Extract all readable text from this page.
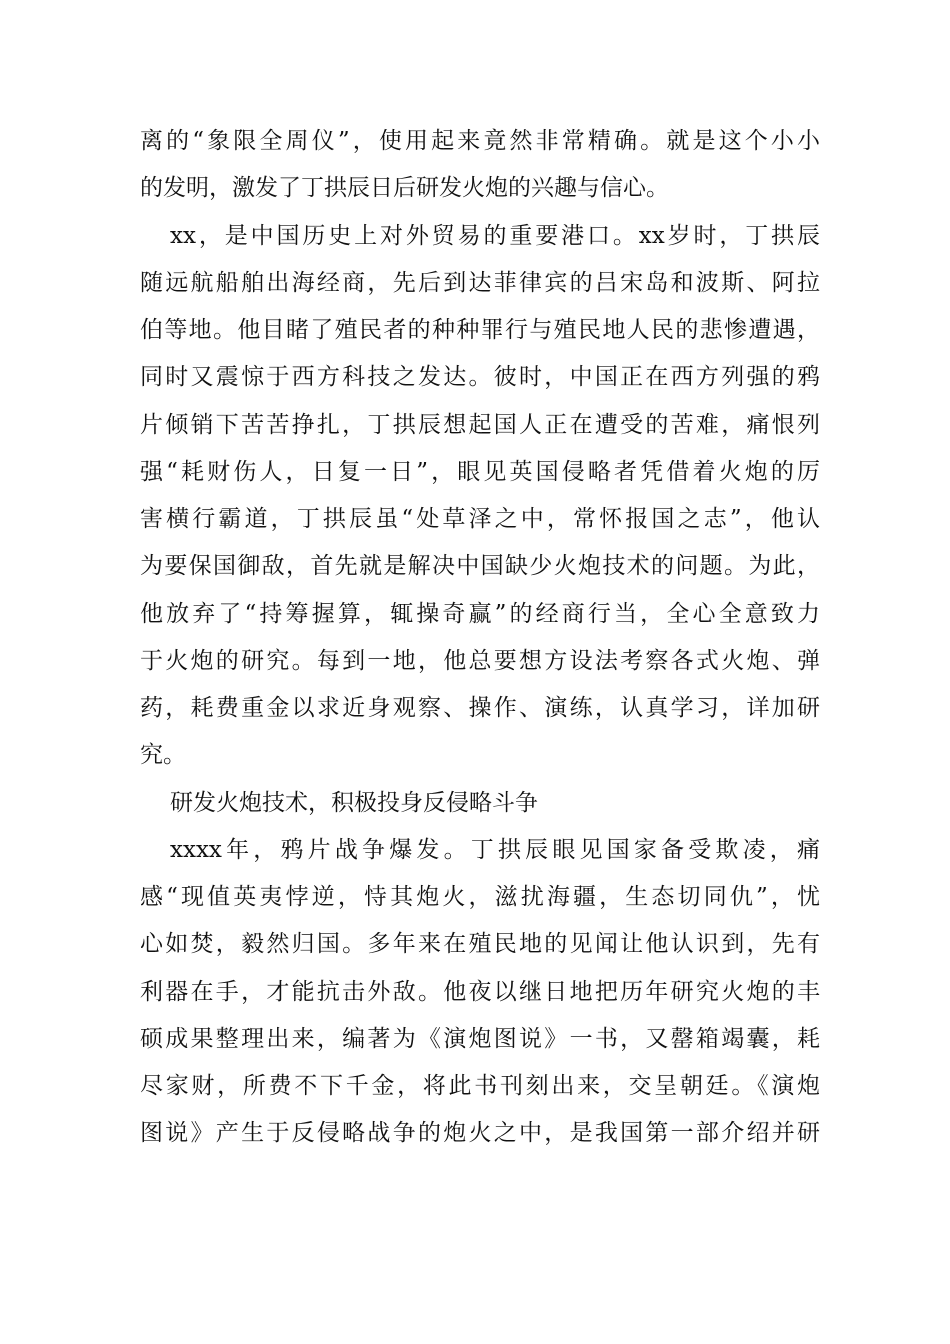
离的“象限全周仪”，使用起来竟然非常精确。就是这个小小
的发明，激发了丁拱辰日后研发火炮的兴趣与信心。
xx，是中国历史上对外贸易的重要港口。xx岁时，丁拱辰
随远航船舶出海经商，先后到达菲律宾的吕宋岛和波斯、阿拉
伯等地。他目睹了殖民者的种种罪行与殖民地人民的悲惨遭遇，
同时又震惊于西方科技之发达。彼时，中国正在西方列强的鸦
片倾销下苦苦挣扎，丁拱辰想起国人正在遭受的苦难，痛恨列
强“耗财伤人，日复一日”，眼见英国侵略者凭借着火炮的厉
害横行霸道，丁拱辰虽“处草泽之中，常怀报国之志”，他认
为要保国御敌，首先就是解决中国缺少火炮技术的问题。为此，
他放弃了“持筹握算，辄操奇赢”的经商行当，全心全意致力
于火炮的研究。每到一地，他总要想方设法考察各式火炮、弹
药，耗费重金以求近身观察、操作、演练，认真学习，详加研
究。
研发火炮技术，积极投身反侵略斗争
xxxx年，鸦片战争爆发。丁拱辰眼见国家备受欺凌，痛
感“现值英夷悖逆，恃其炮火，滋扰海疆，生态切同仇”，忧
心如焚，毅然归国。多年来在殖民地的见闻让他认识到，先有
利器在手，才能抗击外敌。他夜以继日地把历年研究火炮的丰
硕成果整理出来，编著为《演炮图说》一书，又罄箱竭囊，耗
尽家财，所费不下千金，将此书刊刻出来，交呈朝廷。《演炮
图说》产生于反侵略战争的炮火之中，是我国第一部介绍并研
